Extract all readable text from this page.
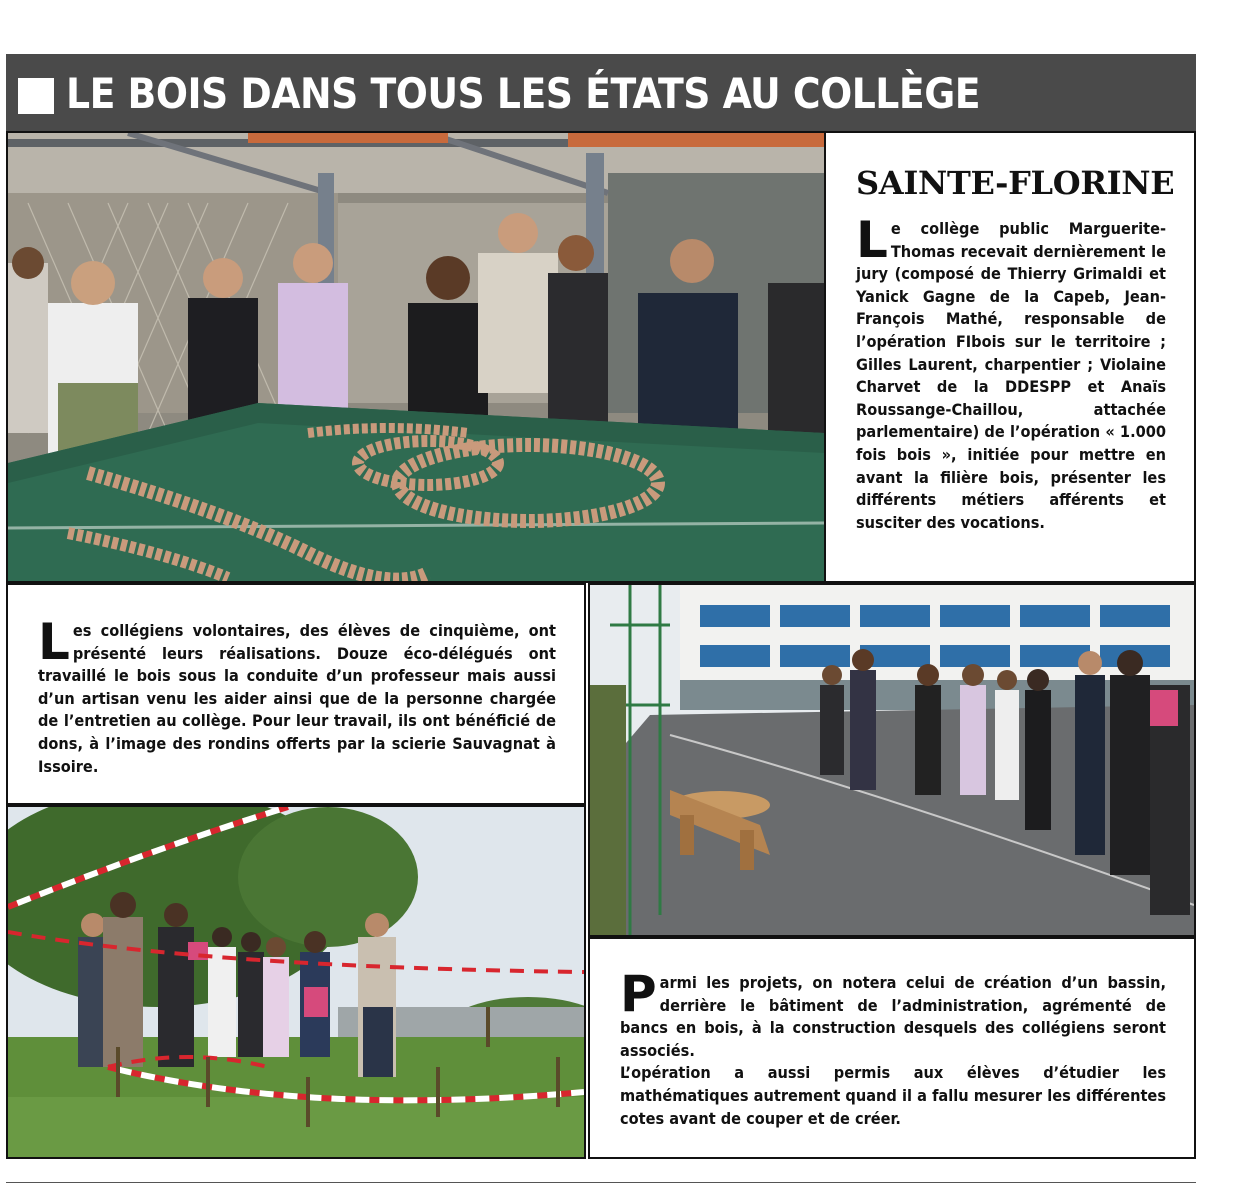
LE BOIS DANS TOUS LES ÉTATS AU COLLÈGE
SAINTE-FLORINE

Le collège public Marguerite-Thomas recevait dernièrement le jury (composé de Thierry Grimaldi et Yanick Gagne de la Capeb, Jean-François Mathé, responsable de l’opération FIbois sur le territoire ; Gilles Laurent, charpentier ; Violaine Charvet de la DDESPP et Anaïs Roussange-Chaillou, attachée parlementaire) de l’opération « 1.000 fois bois », initiée pour mettre en avant la filière bois, présenter les différents métiers afférents et susciter des vocations.

Les collégiens volontaires, des élèves de cinquième, ont présenté leurs réalisations. Douze éco-délégués ont travaillé le bois sous la conduite d’un professeur mais aussi d’un artisan venu les aider ainsi que de la personne chargée de l’entretien au collège. Pour leur travail, ils ont bénéficié de dons, à l’image des rondins offerts par la scierie Sauvagnat à Issoire.

Parmi les projets, on notera celui de création d’un bassin, derrière le bâtiment de l’administration, agrémenté de bancs en bois, à la construction desquels des collégiens seront associés.

L’opération a aussi permis aux élèves d’étudier les mathématiques autrement quand il a fallu mesurer les différentes cotes avant de couper et de créer.
